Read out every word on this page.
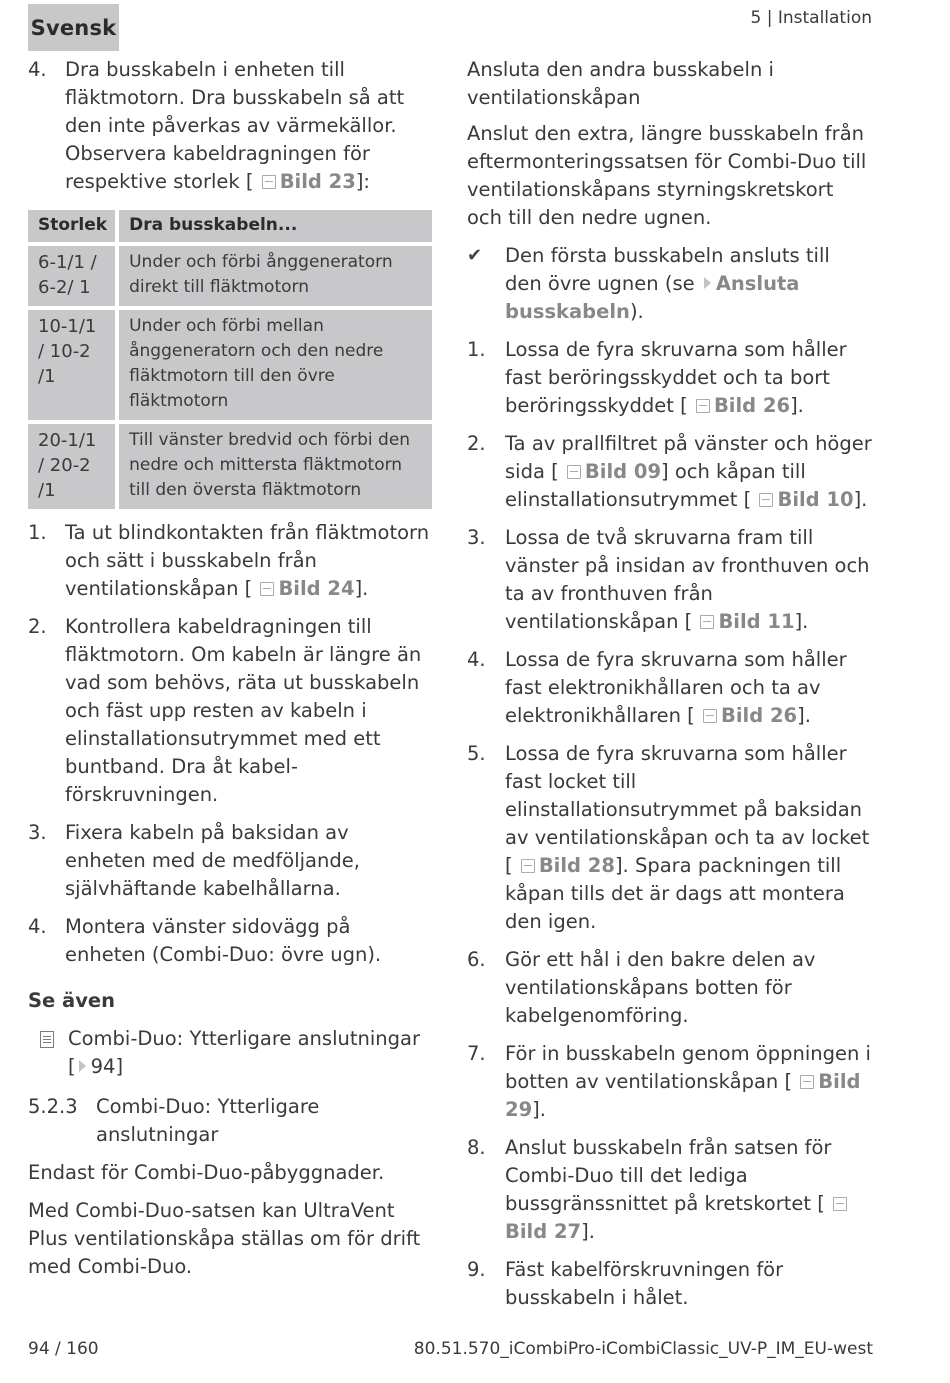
Svensk	5 | Installation
4. Dra busskabeln i enheten till fläktmotorn. Dra busskabeln så att den inte påverkas av värmekällor. Observera kabeldragningen för respektive storlek [ Bild 23]:
Storlek	Dra busskabeln...
6-1/1 / 6-2/ 1	Under och förbi ånggeneratorn direkt till fläktmotorn
10-1/1 / 10-2 /1	Under och förbi mellan ånggeneratorn och den nedre fläktmotorn till den övre fläktmotorn
20-1/1 / 20-2 /1	Till vänster bredvid och förbi den nedre och mittersta fläktmotorn till den översta fläktmotorn
1. Ta ut blindkontakten från fläktmotorn och sätt i busskabeln från ventilationskåpan [ Bild 24].
2. Kontrollera kabeldragningen till fläktmotorn. Om kabeln är längre än vad som behövs, räta ut busskabeln och fäst upp resten av kabeln i elinstallationsutrymmet med ett buntband. Dra åt kabel-förskruvningen.
3. Fixera kabeln på baksidan av enheten med de medföljande, självhäftande kabelhållarna.
4. Montera vänster sidovägg på enheten (Combi-Duo: övre ugn).
Se även
Combi-Duo: Ytterligare anslutningar
[ 94]
5.2.3 Combi-Duo: Ytterligare anslutningar
Endast för Combi-Duo-påbyggnader.
Med Combi-Duo-satsen kan UltraVent Plus ventilationskåpa ställas om för drift med Combi-Duo.
Ansluta den andra busskabeln i ventilationskåpan
Anslut den extra, längre busskabeln från eftermonteringssatsen för Combi-Duo till ventilationskåpans styrningskretskort och till den nedre ugnen.
✔	Den första busskabeln ansluts till den övre ugnen (se Ansluta busskabeln).
1. Lossa de fyra skruvarna som håller fast beröringsskyddet och ta bort beröringsskyddet [ Bild 26].
2. Ta av prallfiltret på vänster och höger sida [ Bild 09] och kåpan till elinstallationsutrymmet [ Bild 10].
3. Lossa de två skruvarna fram till vänster på insidan av fronthuven och ta av fronthuven från ventilationskåpan [ Bild 11].
4. Lossa de fyra skruvarna som håller fast elektronikhållaren och ta av elektronikhållaren [ Bild 26].
5. Lossa de fyra skruvarna som håller fast locket till elinstallationsutrymmet på baksidan av ventilationskåpan och ta av locket [ Bild 28]. Spara packningen till kåpan tills det är dags att montera den igen.
6. Gör ett hål i den bakre delen av ventilationskåpans botten för kabelgenomföring.
7. För in busskabeln genom öppningen i botten av ventilationskåpan [ Bild 29].
8. Anslut busskabeln från satsen för Combi-Duo till det lediga bussgränssnittet på kretskortet [ Bild 27].
9. Fäst kabelförskruvningen för busskabeln i hålet.
94 / 160	80.51.570_iCombiPro-iCombiClassic_UV-P_IM_EU-west
